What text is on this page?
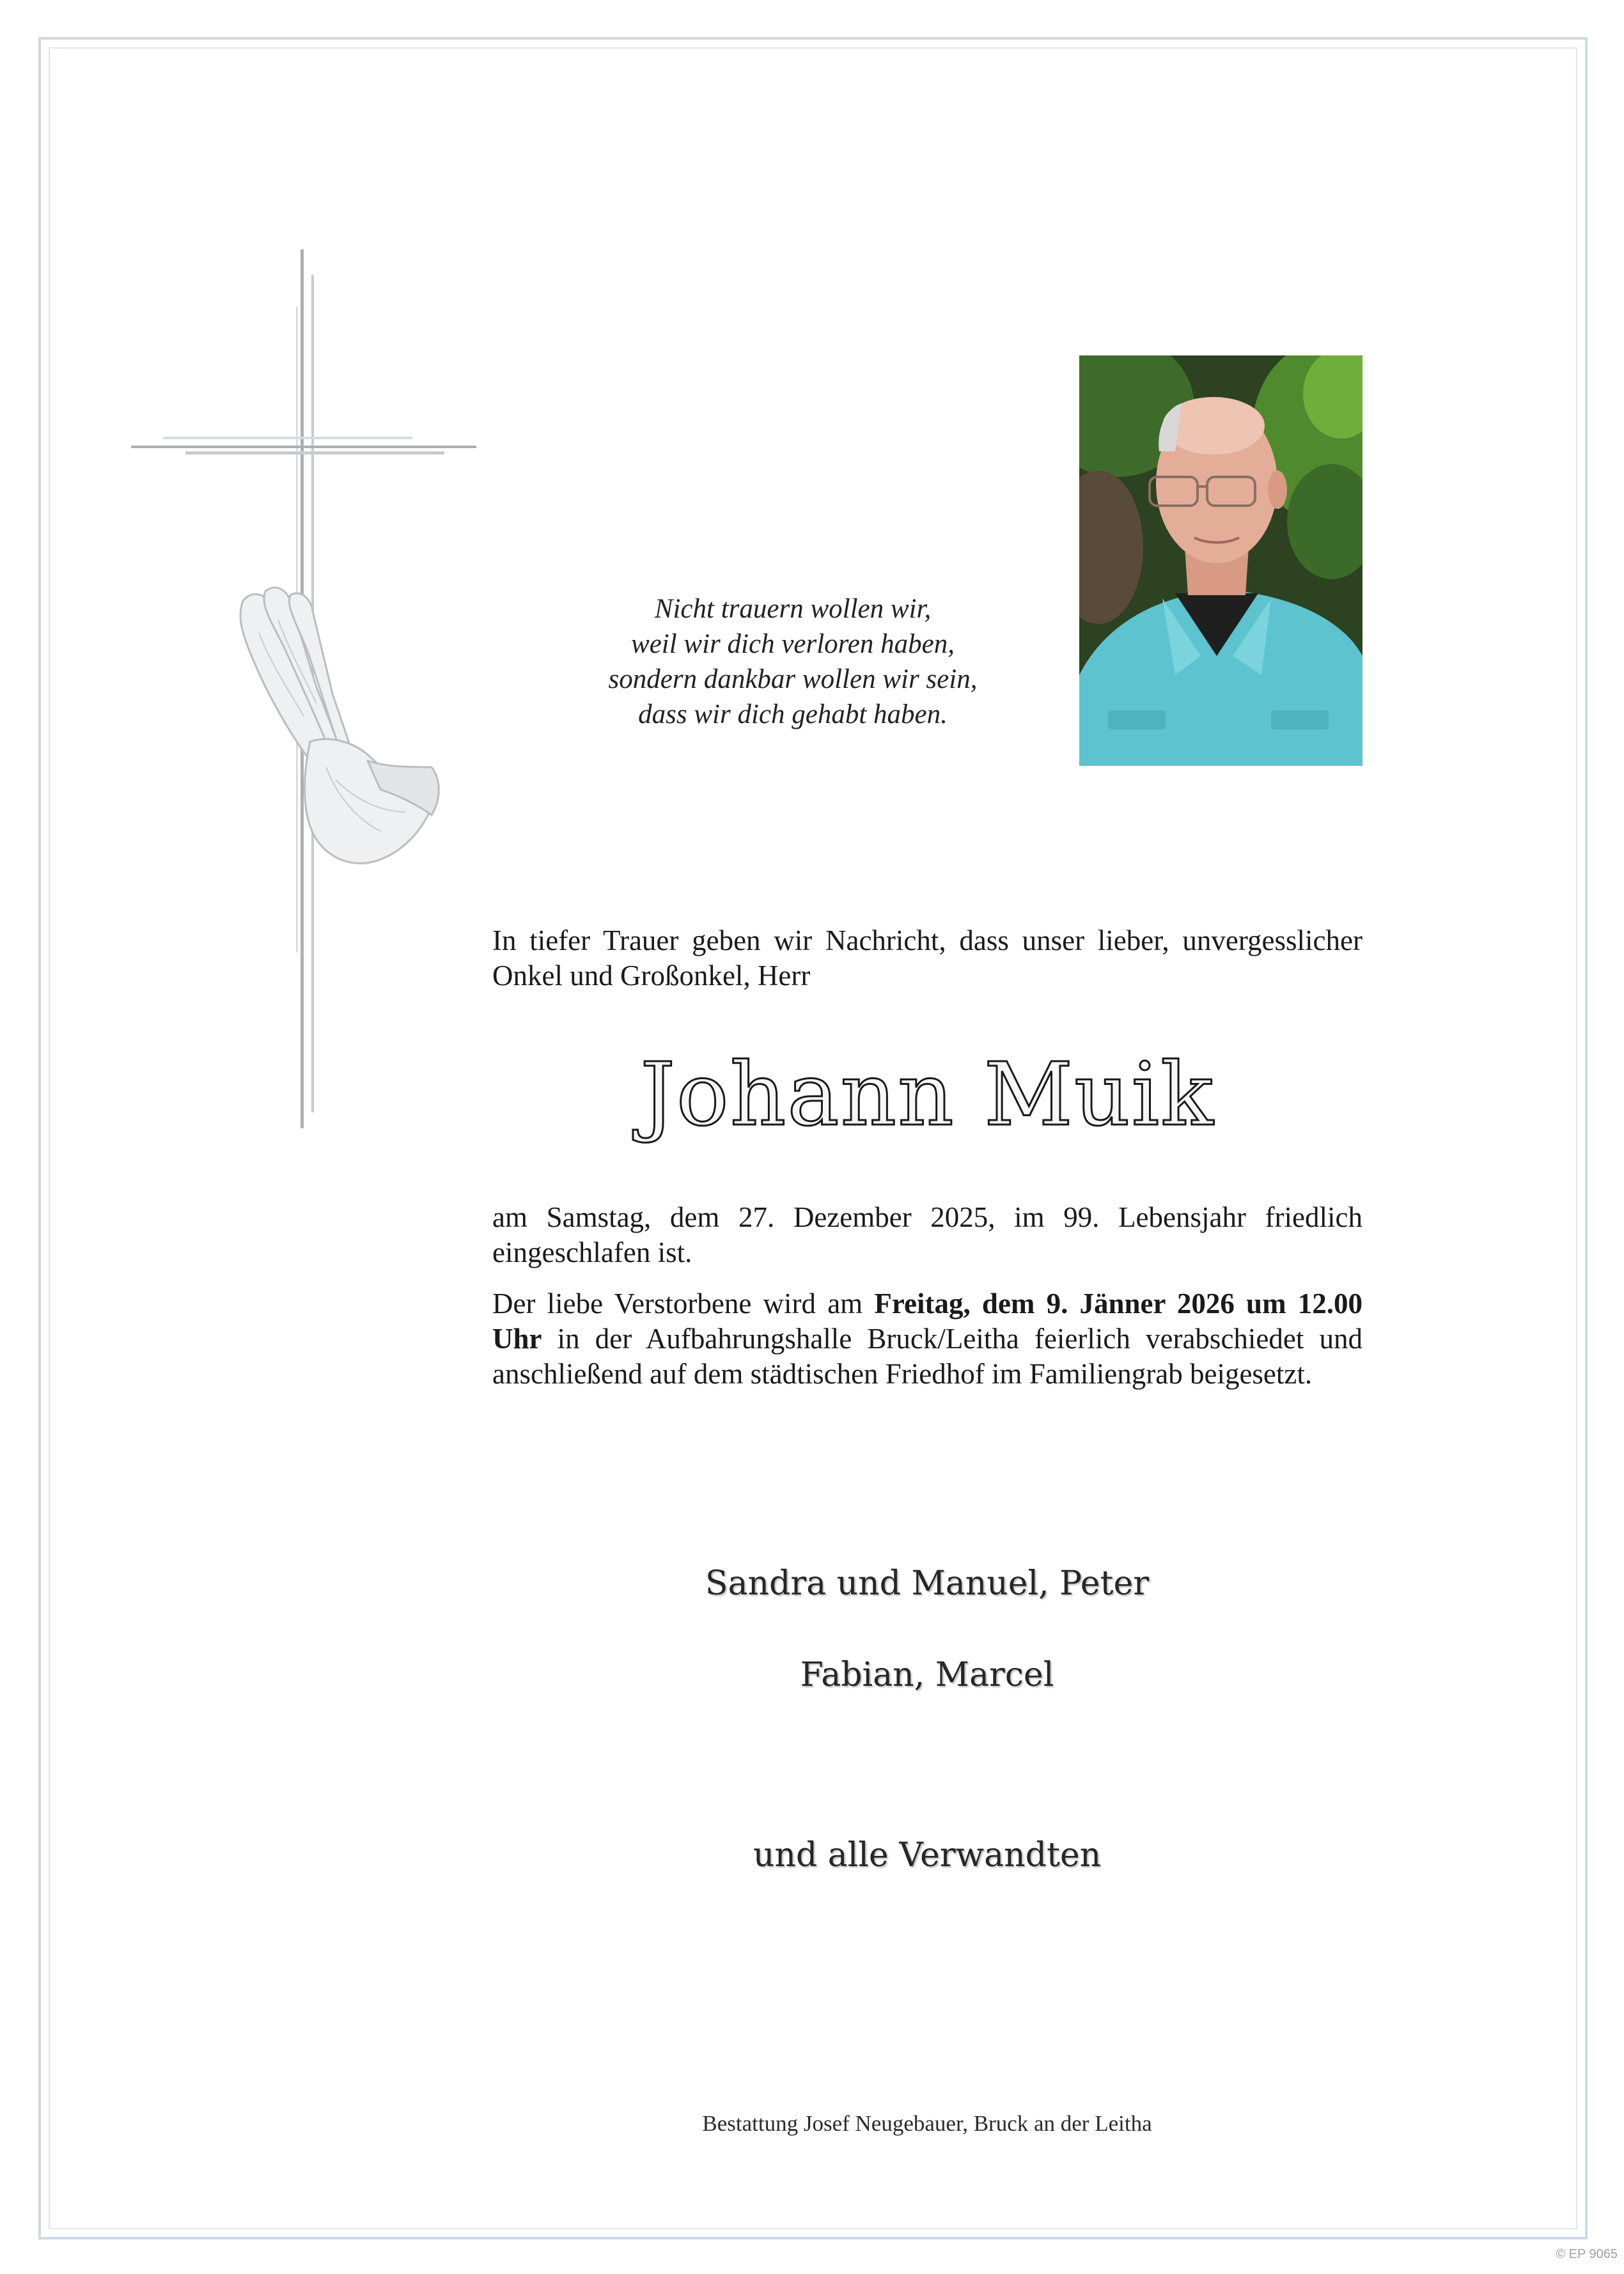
Nicht trauern wollen wir,
weil wir dich verloren haben,
sondern dankbar wollen wir sein,
dass wir dich gehabt haben.
In tiefer Trauer geben wir Nachricht, dass unser lieber, unvergesslicher Onkel und Großonkel, Herr
Johann Muik
am Samstag, dem 27. Dezember 2025, im 99. Lebensjahr friedlich eingeschlafen ist.
Der liebe Verstorbene wird am Freitag, dem 9. Jänner 2026 um 12.00 Uhr in der Aufbahrungshalle Bruck/Leitha feierlich verabschiedet und anschließend auf dem städtischen Friedhof im Familiengrab beigesetzt.
Sandra und Manuel, Peter
Fabian, Marcel
und alle Verwandten
Bestattung Josef Neugebauer, Bruck an der Leitha
© EP 9065
